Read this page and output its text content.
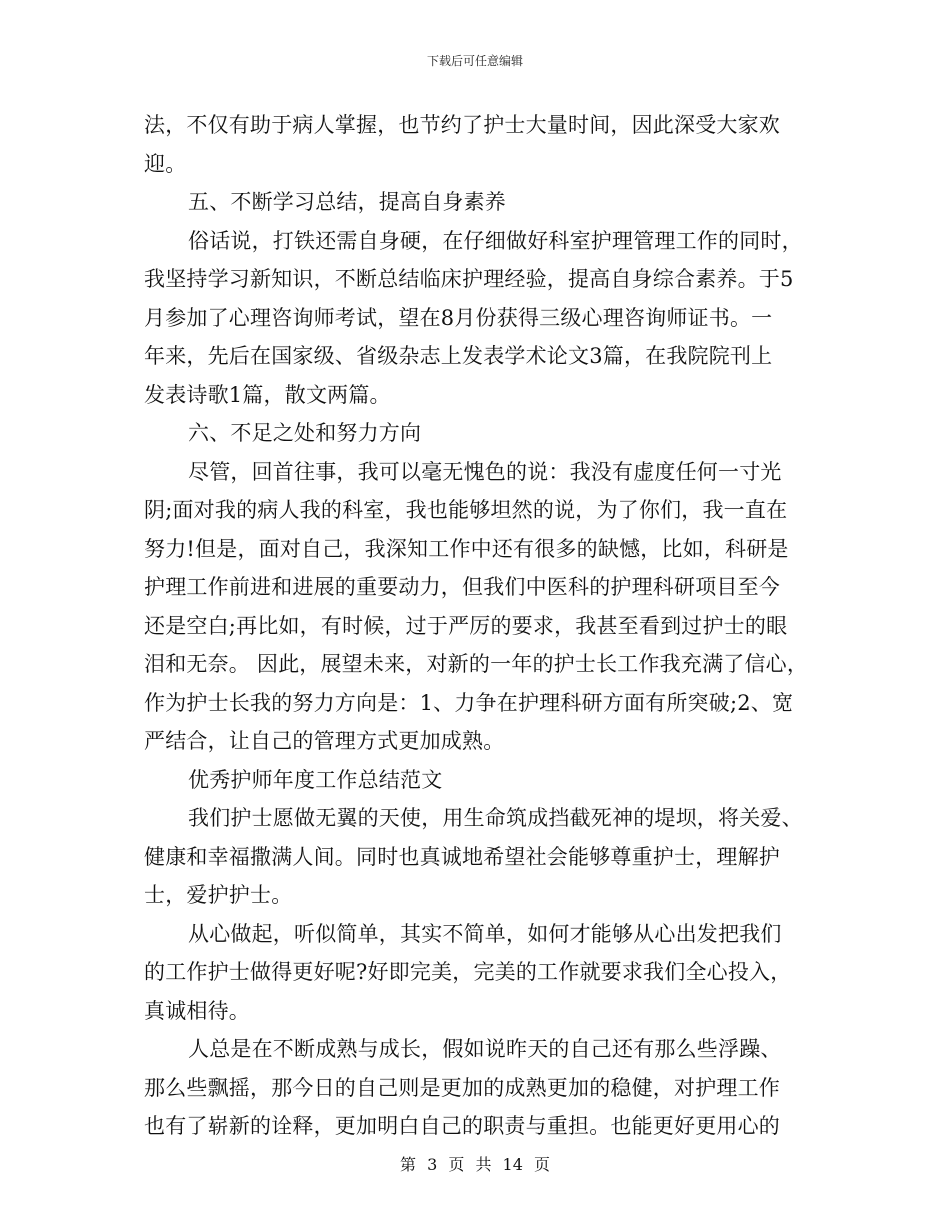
下载后可任意编辑
法，不仅有助于病人掌握，也节约了护士大量时间，因此深受大家欢
迎。
五、不断学习总结，提高自身素养
俗话说，打铁还需自身硬，在仔细做好科室护理管理工作的同时，
我坚持学习新知识，不断总结临床护理经验，提高自身综合素养。于5
月参加了心理咨询师考试，望在8月份获得三级心理咨询师证书。一
年来，先后在国家级、省级杂志上发表学术论文3篇，在我院院刊上
发表诗歌1篇，散文两篇。
六、不足之处和努力方向
尽管，回首往事，我可以毫无愧色的说：我没有虚度任何一寸光
阴;面对我的病人我的科室，我也能够坦然的说，为了你们，我一直在
努力!但是，面对自己，我深知工作中还有很多的缺憾，比如，科研是
护理工作前进和进展的重要动力，但我们中医科的护理科研项目至今
还是空白;再比如，有时候，过于严厉的要求，我甚至看到过护士的眼
泪和无奈。 因此，展望未来，对新的一年的护士长工作我充满了信心，
作为护士长我的努力方向是：1、力争在护理科研方面有所突破;2、宽
严结合，让自己的管理方式更加成熟。
优秀护师年度工作总结范文
我们护士愿做无翼的天使，用生命筑成挡截死神的堤坝，将关爱、
健康和幸福撒满人间。同时也真诚地希望社会能够尊重护士，理解护
士，爱护护士。
从心做起，听似简单，其实不简单，如何才能够从心出发把我们
的工作护士做得更好呢?好即完美，完美的工作就要求我们全心投入，
真诚相待。
人总是在不断成熟与成长，假如说昨天的自己还有那么些浮躁、
那么些飘摇，那今日的自己则是更加的成熟更加的稳健，对护理工作
也有了崭新的诠释，更加明白自己的职责与重担。也能更好更用心的
第 3 页 共 14 页
